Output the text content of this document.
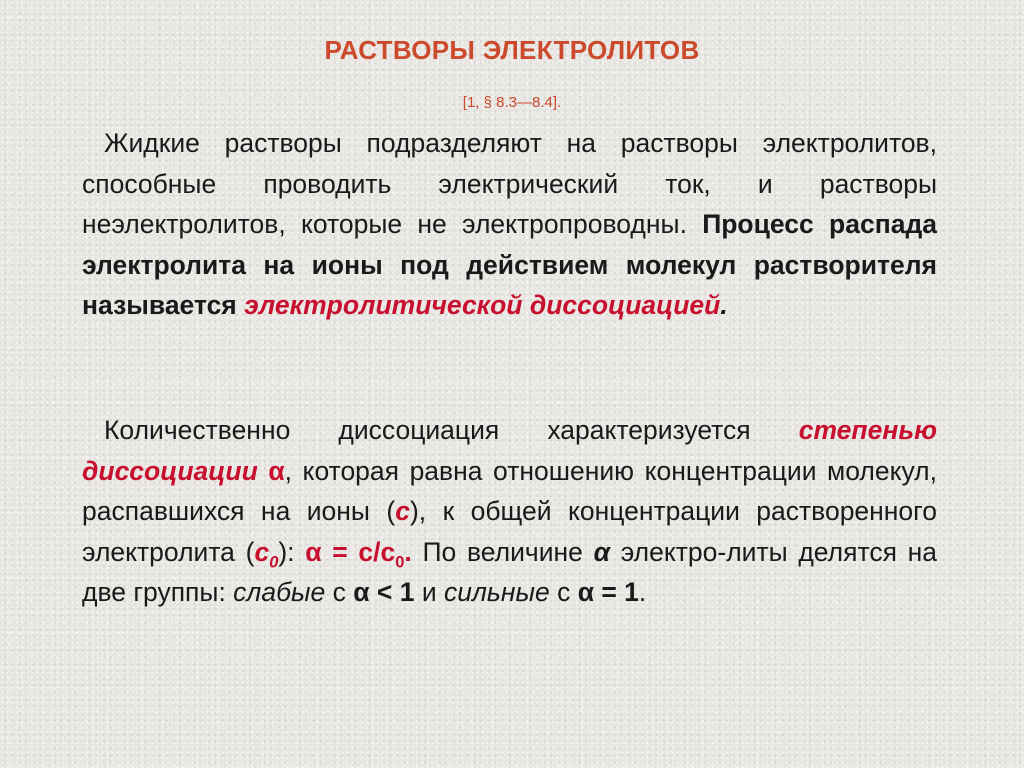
РАСТВОРЫ ЭЛЕКТРОЛИТОВ
[1, § 8.3—8.4].

Жидкие растворы подразделяют на растворы электролитов, способные проводить электрический ток, и растворы неэлектролитов, которые не электропроводны. Процесс распада электролита на ионы под действием молекул растворителя называется электролитической диссоциацией.

Количественно диссоциация характеризуется степенью диссоциации α, которая равна отношению концентрации молекул, распавшихся на ионы (с), к общей концентрации растворенного электролита $(с_0)$: $\alpha = с/с_0$. По величине α электро-литы делятся на две группы: слабые с α < 1 и сильные с α = 1.
